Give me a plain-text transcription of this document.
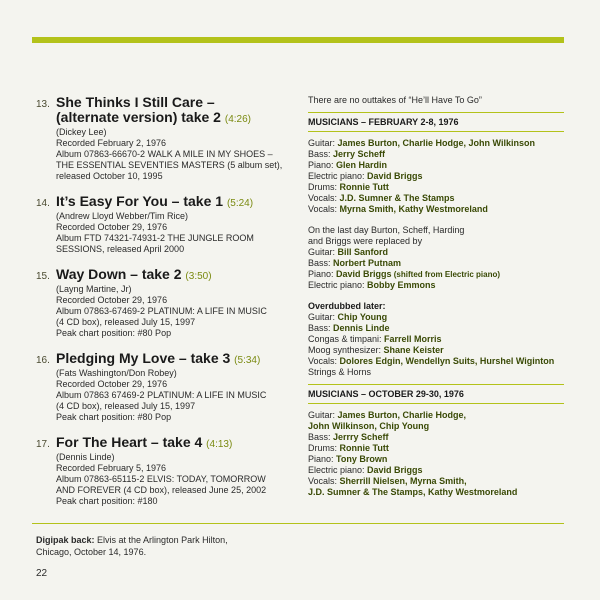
13. She Thinks I Still Care –
(alternate version) take 2 (4:26)
(Dickey Lee)
Recorded February 2, 1976
Album 07863-66670-2 WALK A MILE IN MY SHOES –
THE ESSENTIAL SEVENTIES MASTERS (5 album set),
released October 10, 1995
14. It’s Easy For You – take 1 (5:24)
(Andrew Lloyd Webber/Tim Rice)
Recorded October 29, 1976
Album FTD 74321-74931-2 THE JUNGLE ROOM
SESSIONS, released April 2000
15. Way Down – take 2 (3:50)
(Layng Martine, Jr)
Recorded October 29, 1976
Album 07863-67469-2 PLATINUM: A LIFE IN MUSIC
(4 CD box), released July 15, 1997
Peak chart position: #80 Pop
16. Pledging My Love – take 3 (5:34)
(Fats Washington/Don Robey)
Recorded October 29, 1976
Album 07863 67469-2 PLATINUM: A LIFE IN MUSIC
(4 CD box), released July 15, 1997
Peak chart position: #80 Pop
17. For The Heart – take 4 (4:13)
(Dennis Linde)
Recorded February 5, 1976
Album 07863-65115-2 ELVIS: TODAY, TOMORROW
AND FOREVER (4 CD box), released June 25, 2002
Peak chart position: #180
There are no outtakes of “He’ll Have To Go”
MUSICIANS – FEBRUARY 2-8, 1976
Guitar: James Burton, Charlie Hodge, John Wilkinson
Bass: Jerry Scheff
Piano: Glen Hardin
Electric piano: David Briggs
Drums: Ronnie Tutt
Vocals: J.D. Sumner & The Stamps
Vocals: Myrna Smith, Kathy Westmoreland
On the last day Burton, Scheff, Harding
and Briggs were replaced by
Guitar: Bill Sanford
Bass: Norbert Putnam
Piano: David Briggs (shifted from Electric piano)
Electric piano: Bobby Emmons
Overdubbed later:
Guitar: Chip Young
Bass: Dennis Linde
Congas & timpani: Farrell Morris
Moog synthesizer: Shane Keister
Vocals: Dolores Edgin, Wendellyn Suits, Hurshel Wiginton
Strings & Horns
MUSICIANS – OCTOBER 29-30, 1976
Guitar: James Burton, Charlie Hodge,
John Wilkinson, Chip Young
Bass: Jerrry Scheff
Drums: Ronnie Tutt
Piano: Tony Brown
Electric piano: David Briggs
Vocals: Sherrill Nielsen, Myrna Smith,
J.D. Sumner & The Stamps, Kathy Westmoreland
Digipak back: Elvis at the Arlington Park Hilton,
Chicago, October 14, 1976.
22
